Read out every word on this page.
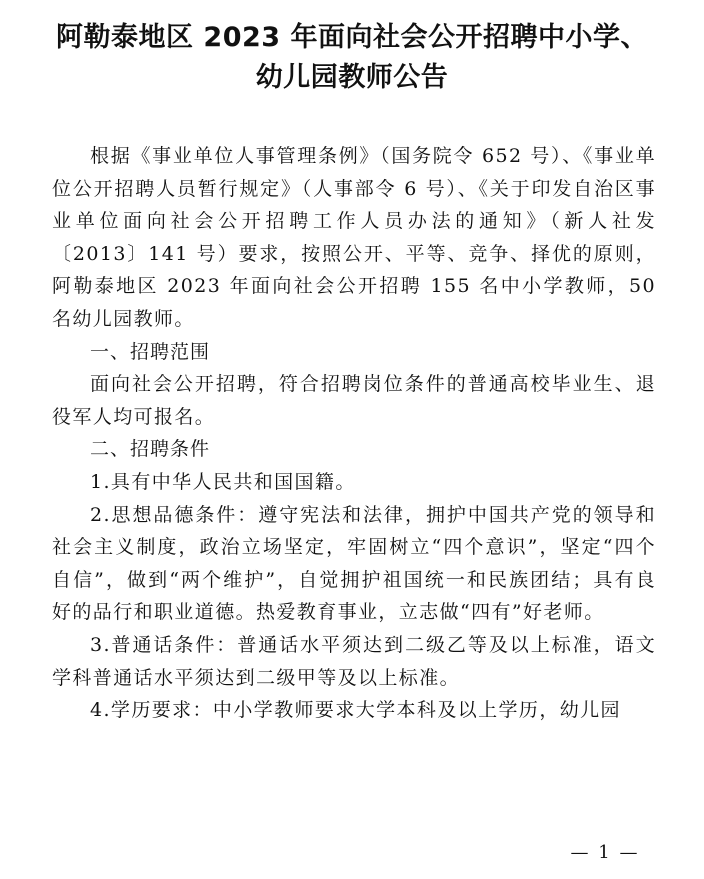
阿勒泰地区 2023 年面向社会公开招聘中小学、
幼儿园教师公告

根据《事业单位人事管理条例》（国务院令 652 号）、《事业单位公开招聘人员暂行规定》（人事部令 6 号）、《关于印发自治区事业单位面向社会公开招聘工作人员办法的通知》（新人社发〔2013〕141 号）要求，按照公开、平等、竞争、择优的原则，阿勒泰地区 2023 年面向社会公开招聘 155 名中小学教师，50 名幼儿园教师。

一、招聘范围

面向社会公开招聘，符合招聘岗位条件的普通高校毕业生、退役军人均可报名。

二、招聘条件

1.具有中华人民共和国国籍。

2.思想品德条件：遵守宪法和法律，拥护中国共产党的领导和社会主义制度，政治立场坚定，牢固树立“四个意识”，坚定“四个自信”，做到“两个维护”，自觉拥护祖国统一和民族团结；具有良好的品行和职业道德。热爱教育事业，立志做“四有”好老师。

3.普通话条件：普通话水平须达到二级乙等及以上标准，语文学科普通话水平须达到二级甲等及以上标准。

4.学历要求：中小学教师要求大学本科及以上学历，幼儿园

— 1 —
